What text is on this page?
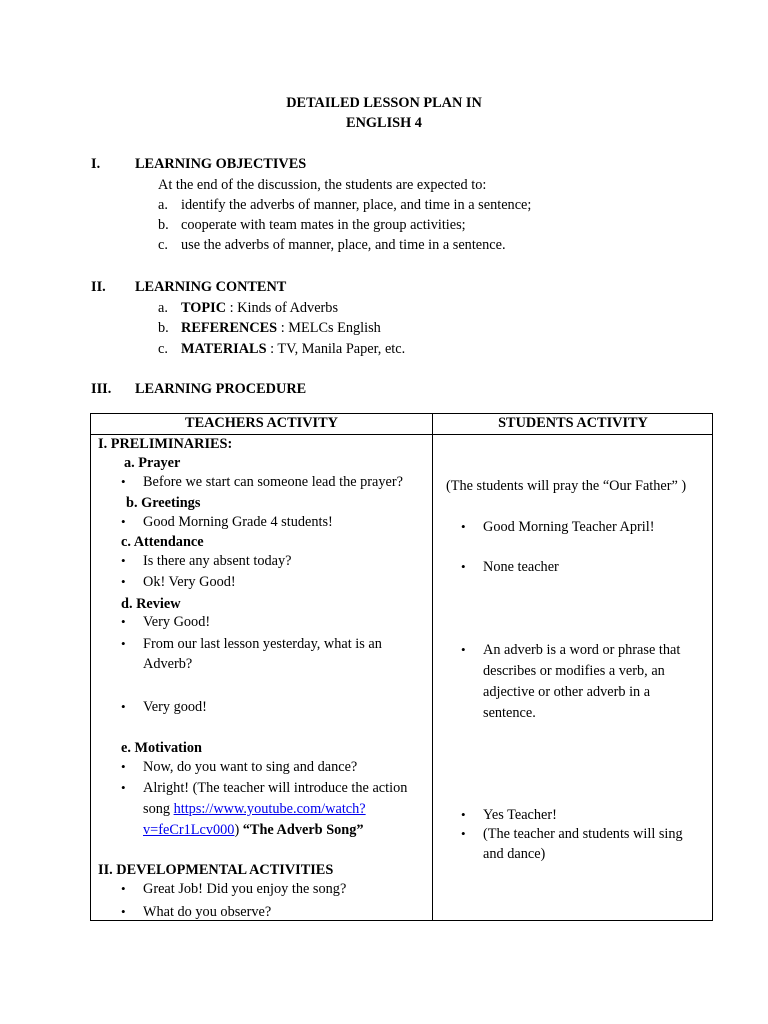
DETAILED LESSON PLAN IN
ENGLISH 4
I. LEARNING OBJECTIVES
At the end of the discussion, the students are expected to:
a. identify the adverbs of manner, place, and time in a sentence;
b. cooperate with team mates in the group activities;
c. use the adverbs of manner, place, and time in a sentence.
II. LEARNING CONTENT
a. TOPIC : Kinds of Adverbs
b. REFERENCES : MELCs English
c. MATERIALS : TV, Manila Paper, etc.
III. LEARNING PROCEDURE
TEACHERS ACTIVITY	STUDENTS ACTIVITY
I. PRELIMINARIES:
a. Prayer
• Before we start can someone lead the prayer?
b. Greetings
• Good Morning Grade 4 students!
c. Attendance
• Is there any absent today?
• Ok! Very Good!
d. Review
• Very Good!
• From our last lesson yesterday, what is an
Adverb?
• Very good!
e. Motivation
• Now, do you want to sing and dance?
• Alright! (The teacher will introduce the action
song https://www.youtube.com/watch?
v=feCr1Lcv000) “The Adverb Song”
II. DEVELOPMENTAL ACTIVITIES
• Great Job! Did you enjoy the song?
• What do you observe?
(The students will pray the “Our Father” )
• Good Morning Teacher April!
• None teacher
• An adverb is a word or phrase that
describes or modifies a verb, an
adjective or other adverb in a
sentence.
• Yes Teacher!
• (The teacher and students will sing
and dance)
